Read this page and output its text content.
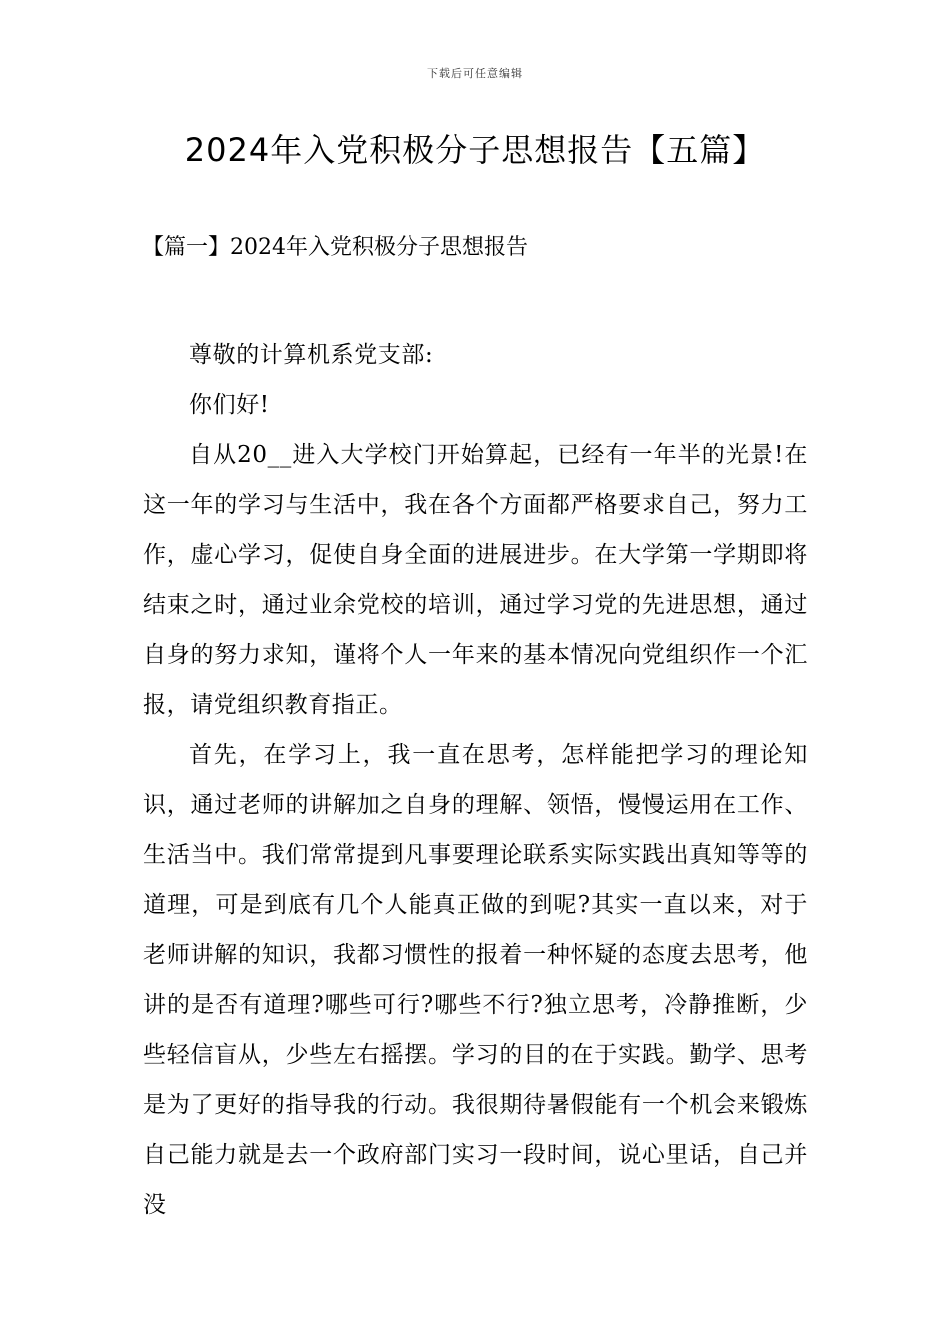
下载后可任意编辑
2024年入党积极分子思想报告【五篇】
【篇一】2024年入党积极分子思想报告

尊敬的计算机系党支部:

你们好!

自从20__进入大学校门开始算起，已经有一年半的光景!在这一年的学习与生活中，我在各个方面都严格要求自己，努力工作，虚心学习，促使自身全面的进展进步。在大学第一学期即将结束之时，通过业余党校的培训，通过学习党的先进思想，通过自身的努力求知，谨将个人一年来的基本情况向党组织作一个汇报，请党组织教育指正。

首先，在学习上，我一直在思考，怎样能把学习的理论知识，通过老师的讲解加之自身的理解、领悟，慢慢运用在工作、生活当中。我们常常提到凡事要理论联系实际实践出真知等等的道理，可是到底有几个人能真正做的到呢?其实一直以来，对于老师讲解的知识，我都习惯性的报着一种怀疑的态度去思考，他讲的是否有道理?哪些可行?哪些不行?独立思考，冷静推断，少些轻信盲从，少些左右摇摆。学习的目的在于实践。勤学、思考是为了更好的指导我的行动。我很期待暑假能有一个机会来锻炼自己能力就是去一个政府部门实习一段时间，说心里话，自己并没
